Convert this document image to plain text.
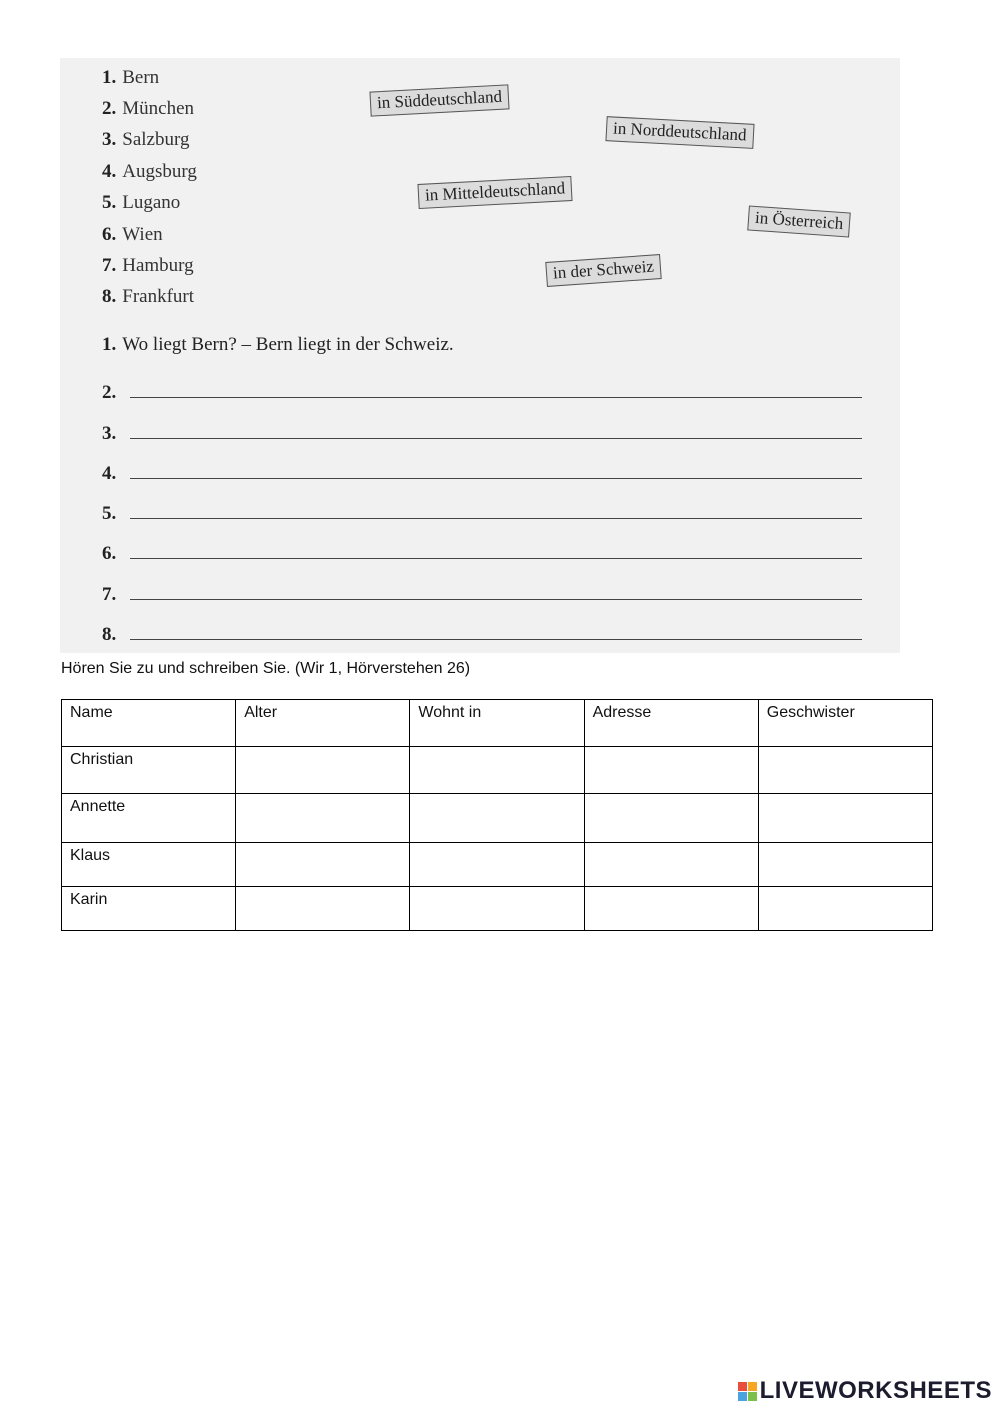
1. Bern
2. München
3. Salzburg
4. Augsburg
5. Lugano
6. Wien
7. Hamburg
8. Frankfurt
in Süddeutschland
in Norddeutschland
in Mitteldeutschland
in Österreich
in der Schweiz
1. Wo liegt Bern? – Bern liegt in der Schweiz.
2.
3.
4.
5.
6.
7.
8.
Hören Sie zu und schreiben Sie. (Wir 1, Hörverstehen 26)
Name	Alter	Wohnt in	Adresse	Geschwister
Christian				
Annette				
Klaus				
Karin				
LIVEWORKSHEETS
